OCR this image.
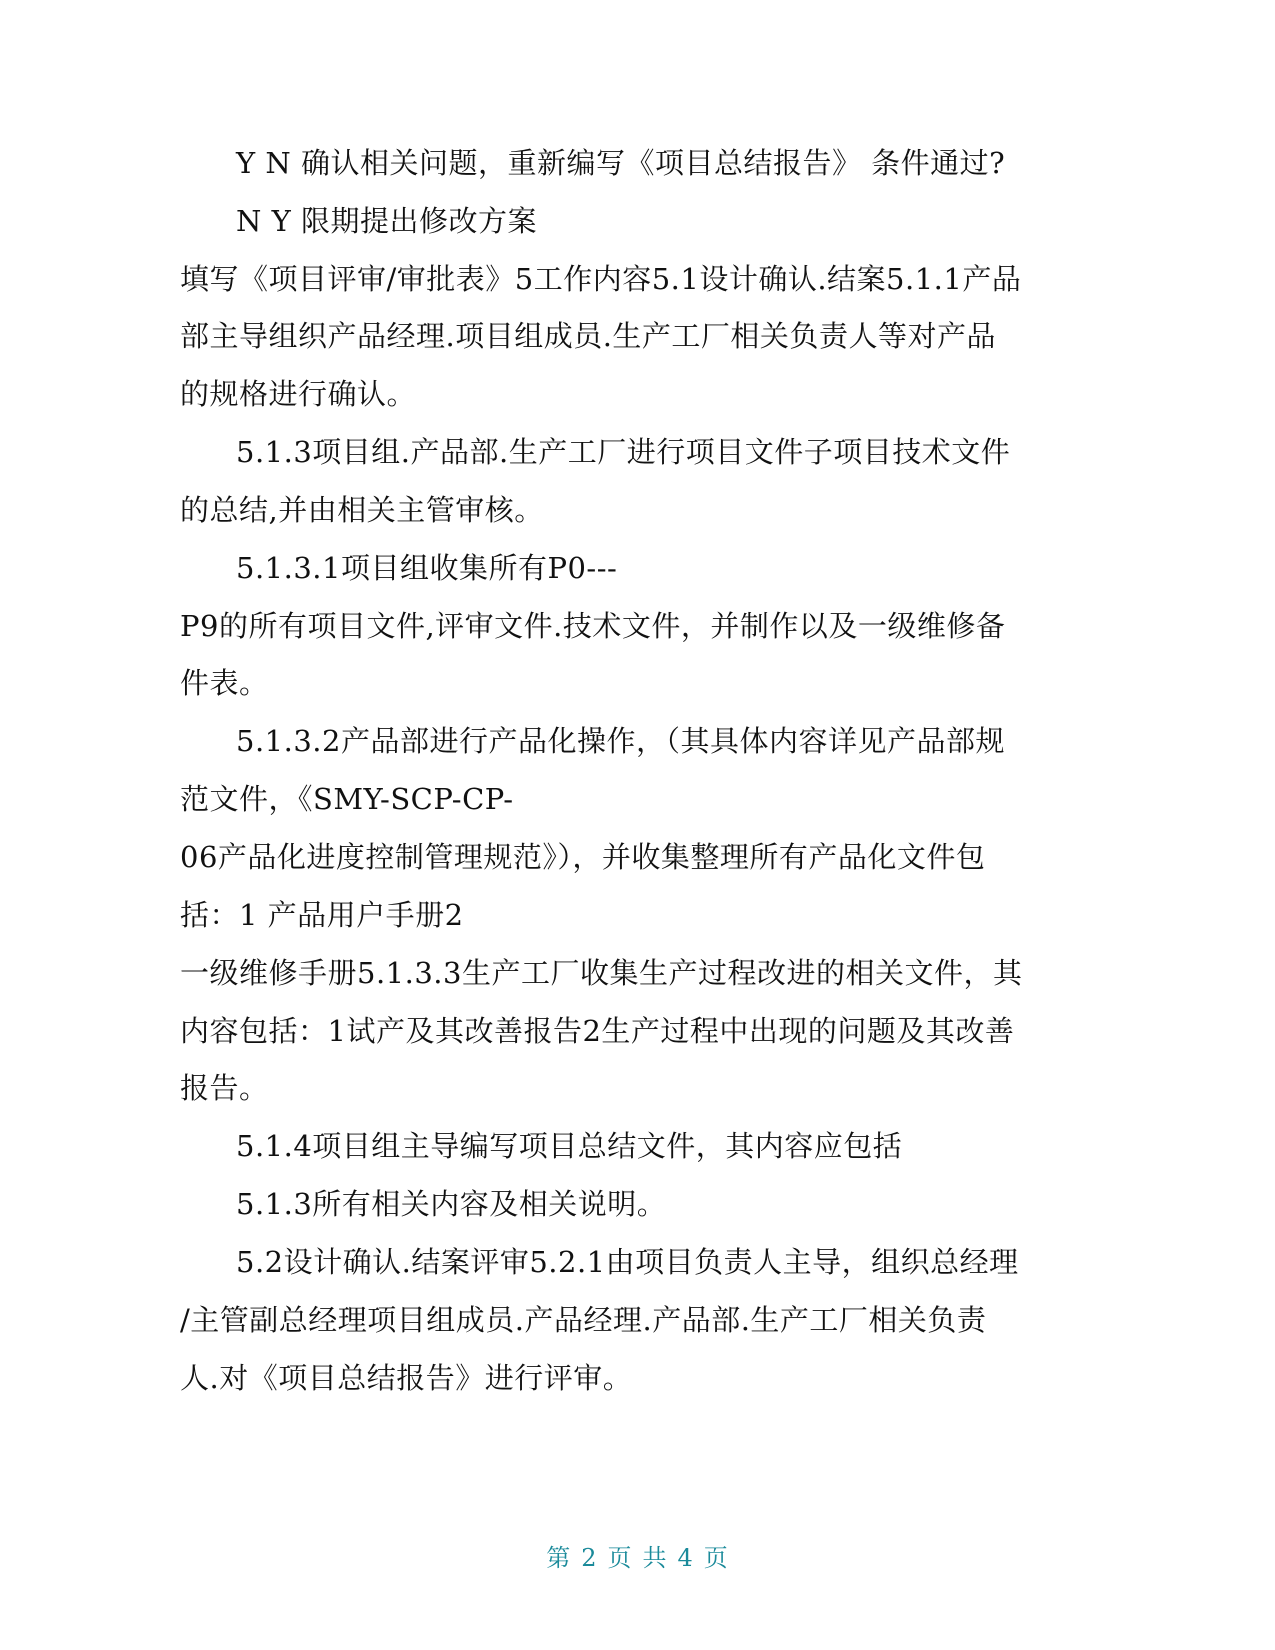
Y N 确认相关问题，重新编写《项目总结报告》 条件通过?
N Y 限期提出修改方案
填写《项目评审/审批表》5工作内容5.1设计确认.结案5.1.1产品
部主导组织产品经理.项目组成员.生产工厂相关负责人等对产品
的规格进行确认。
5.1.3项目组.产品部.生产工厂进行项目文件子项目技术文件
的总结,并由相关主管审核。
5.1.3.1项目组收集所有P0---
P9的所有项目文件,评审文件.技术文件，并制作以及一级维修备
件表。
5.1.3.2产品部进行产品化操作，（其具体内容详见产品部规
范文件，《SMY-SCP-CP-
06产品化进度控制管理规范》），并收集整理所有产品化文件包
括：1 产品用户手册2
一级维修手册5.1.3.3生产工厂收集生产过程改进的相关文件，其
内容包括：1试产及其改善报告2生产过程中出现的问题及其改善
报告。
5.1.4项目组主导编写项目总结文件，其内容应包括
5.1.3所有相关内容及相关说明。
5.2设计确认.结案评审5.2.1由项目负责人主导，组织总经理
/主管副总经理项目组成员.产品经理.产品部.生产工厂相关负责
人.对《项目总结报告》进行评审。
第 2 页 共 4 页
